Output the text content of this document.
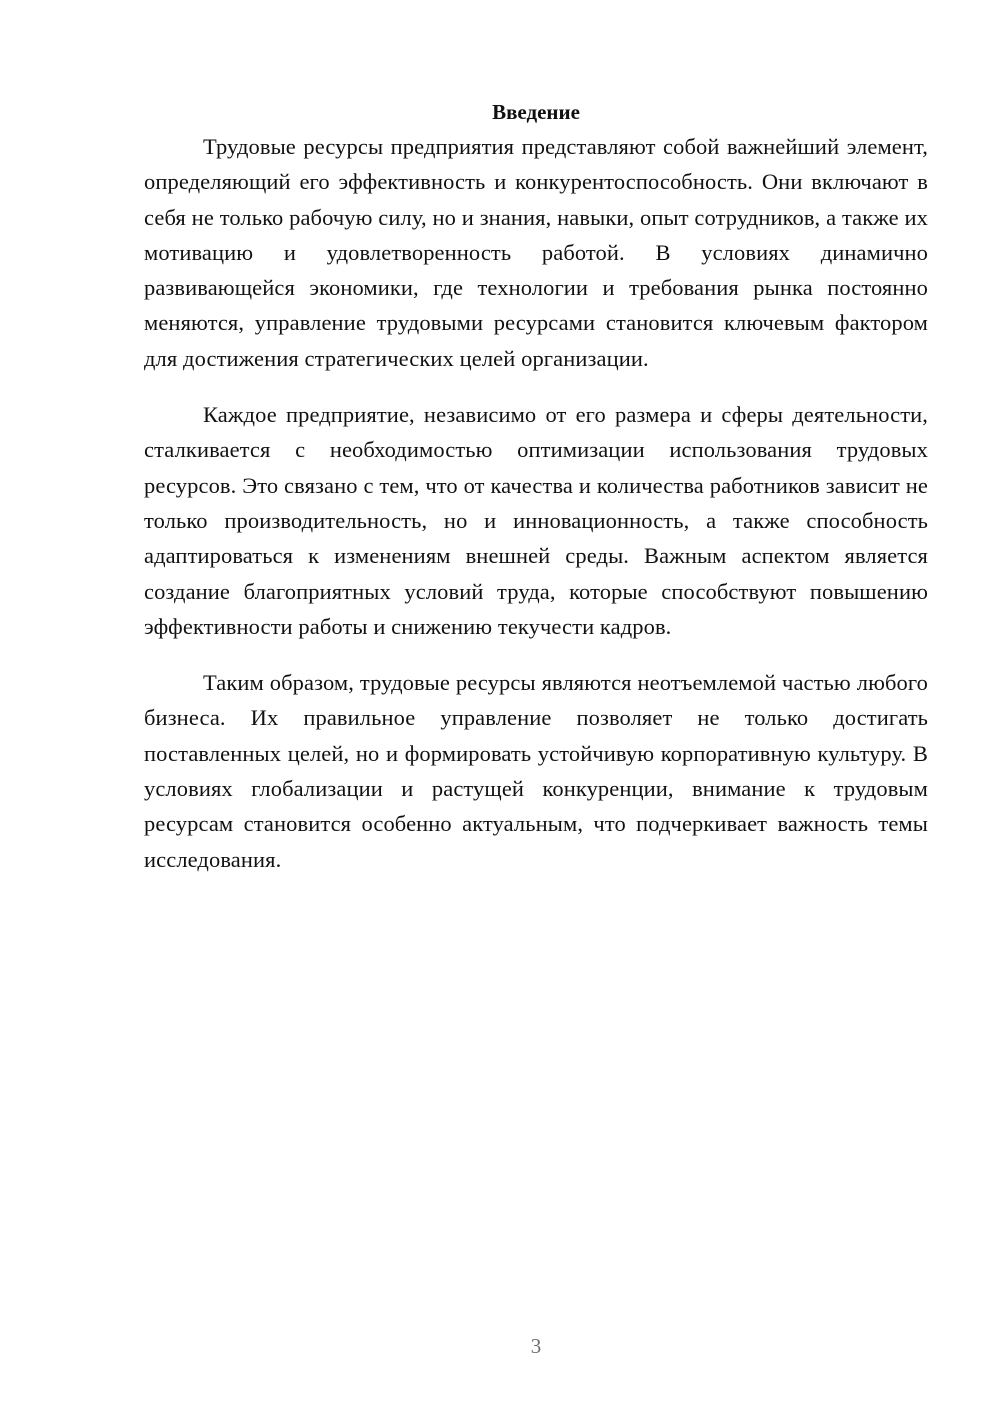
Введение

Трудовые ресурсы предприятия представляют собой важнейший элемент, определяющий его эффективность и конкурентоспособность. Они включают в себя не только рабочую силу, но и знания, навыки, опыт сотрудников, а также их мотивацию и удовлетворенность работой. В условиях динамично развивающейся экономики, где технологии и требования рынка постоянно меняются, управление трудовыми ресурсами становится ключевым фактором для достижения стратегических целей организации.

Каждое предприятие, независимо от его размера и сферы деятельности, сталкивается с необходимостью оптимизации использования трудовых ресурсов. Это связано с тем, что от качества и количества работников зависит не только производительность, но и инновационность, а также способность адаптироваться к изменениям внешней среды. Важным аспектом является создание благоприятных условий труда, которые способствуют повышению эффективности работы и снижению текучести кадров.

Таким образом, трудовые ресурсы являются неотъемлемой частью любого бизнеса. Их правильное управление позволяет не только достигать поставленных целей, но и формировать устойчивую корпоративную культуру. В условиях глобализации и растущей конкуренции, внимание к трудовым ресурсам становится особенно актуальным, что подчеркивает важность темы исследования.

3
